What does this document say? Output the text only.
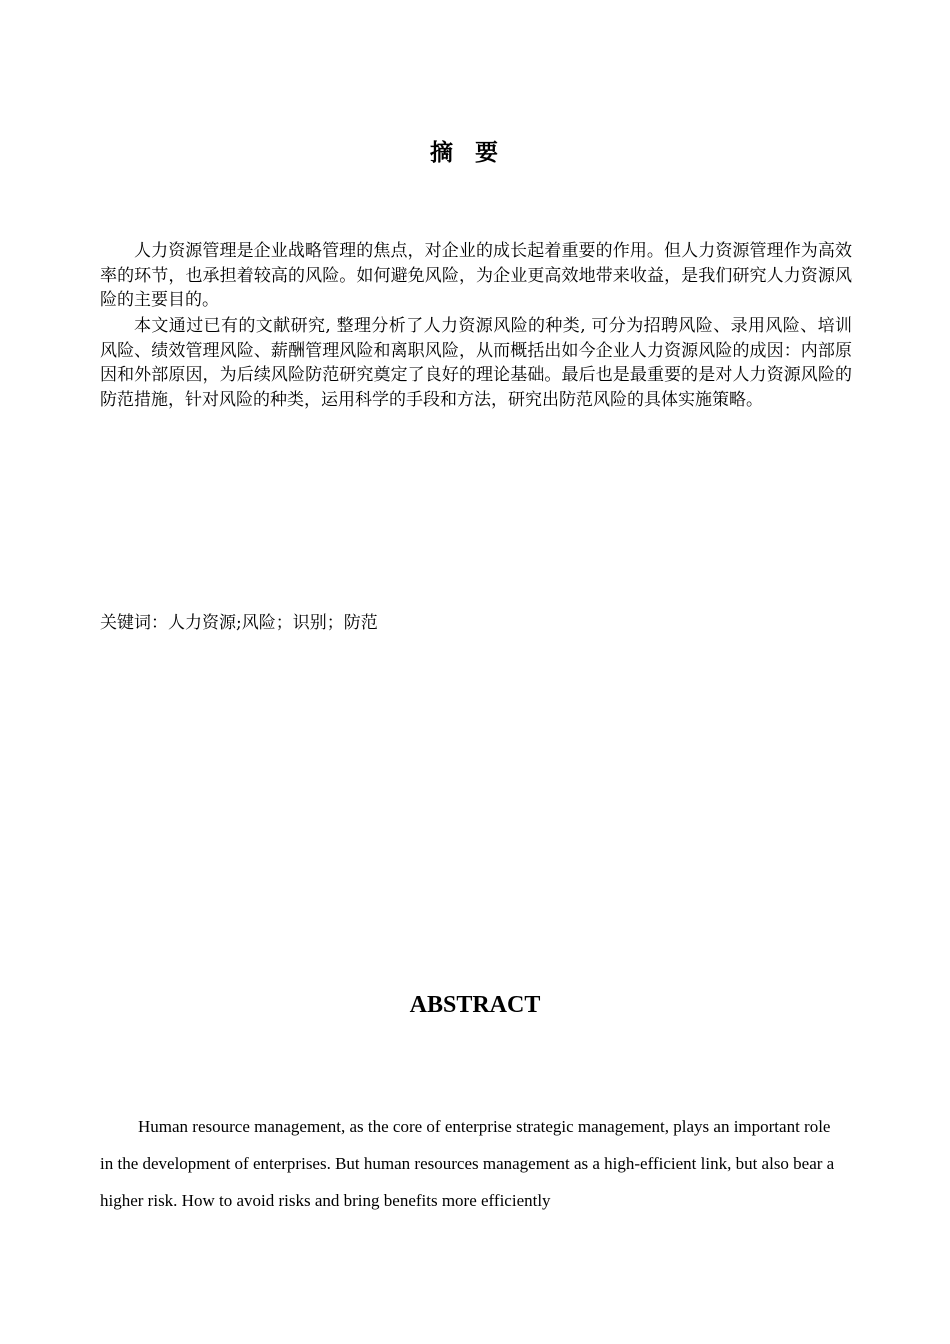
摘要

人力资源管理是企业战略管理的焦点，对企业的成长起着重要的作用。但人力资源管理作为高效率的环节，也承担着较高的风险。如何避免风险，为企业更高效地带来收益，是我们研究人力资源风险的主要目的。

本文通过已有的文献研究, 整理分析了人力资源风险的种类, 可分为招聘风险、录用风险、培训风险、绩效管理风险、薪酬管理风险和离职风险，从而概括出如今企业人力资源风险的成因：内部原因和外部原因，为后续风险防范研究奠定了良好的理论基础。最后也是最重要的是对人力资源风险的防范措施，针对风险的种类，运用科学的手段和方法，研究出防范风险的具体实施策略。

关键词：人力资源;风险；识别；防范
ABSTRACT

Human resource management, as the core of enterprise strategic management, plays an important role in the development of enterprises. But human resources management as a high-efficient link, but also bear a higher risk. How to avoid risks and bring benefits more efficiently
